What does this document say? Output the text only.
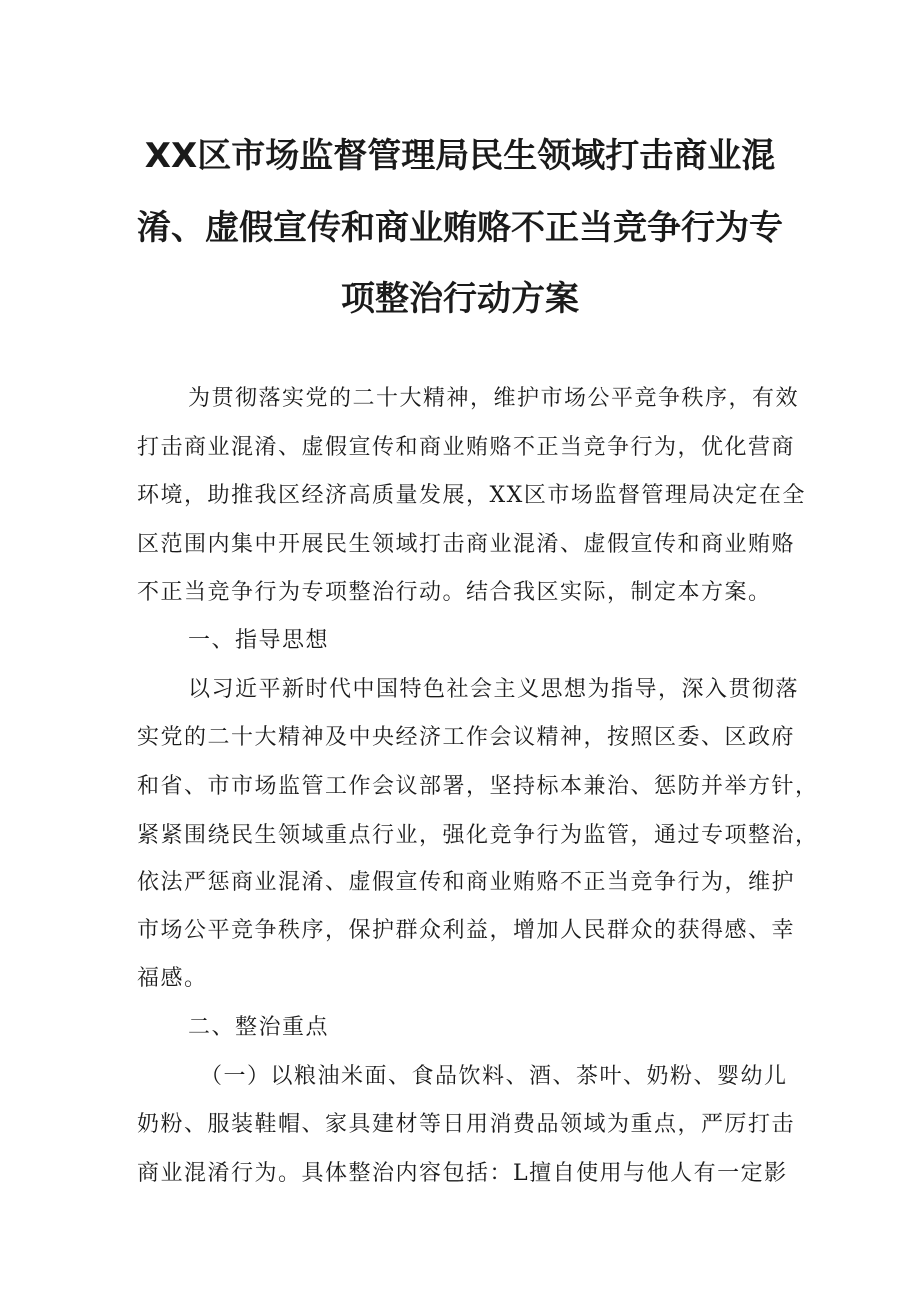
XX区市场监督管理局民生领域打击商业混
淆、虚假宣传和商业贿赂不正当竞争行为专
项整治行动方案
为贯彻落实党的二十大精神，维护市场公平竞争秩序，有效
打击商业混淆、虚假宣传和商业贿赂不正当竞争行为，优化营商
环境，助推我区经济高质量发展，XX区市场监督管理局决定在全
区范围内集中开展民生领域打击商业混淆、虚假宣传和商业贿赂
不正当竞争行为专项整治行动。结合我区实际，制定本方案。
一、指导思想
以习近平新时代中国特色社会主义思想为指导，深入贯彻落
实党的二十大精神及中央经济工作会议精神，按照区委、区政府
和省、市市场监管工作会议部署，坚持标本兼治、惩防并举方针，
紧紧围绕民生领域重点行业，强化竞争行为监管，通过专项整治，
依法严惩商业混淆、虚假宣传和商业贿赂不正当竞争行为，维护
市场公平竞争秩序，保护群众利益，增加人民群众的获得感、幸
福感。
二、整治重点
（一）以粮油米面、食品饮料、酒、茶叶、奶粉、婴幼儿
奶粉、服装鞋帽、家具建材等日用消费品领域为重点，严厉打击
商业混淆行为。具体整治内容包括：L擅自使用与他人有一定影
